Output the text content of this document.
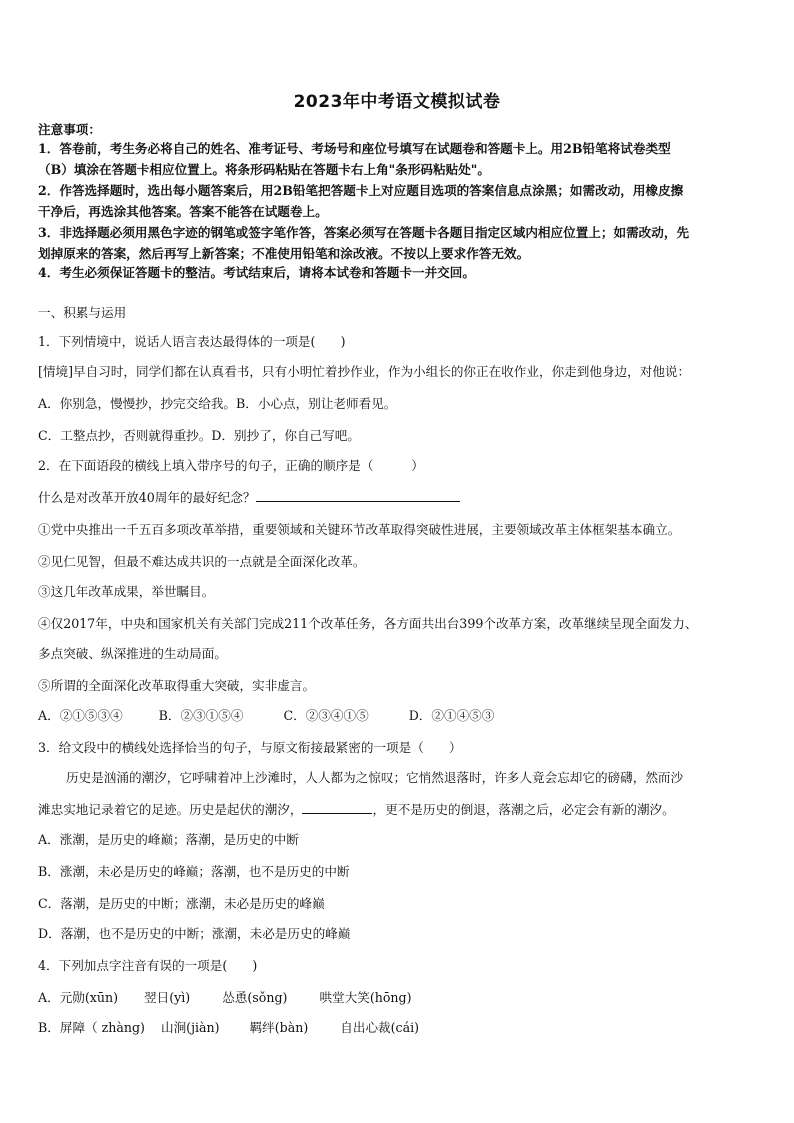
2023年中考语文模拟试卷
注意事项：
1．答卷前，考生务必将自己的姓名、准考证号、考场号和座位号填写在试题卷和答题卡上。用2B铅笔将试卷类型
（B）填涂在答题卡相应位置上。将条形码粘贴在答题卡右上角"条形码粘贴处"。
2．作答选择题时，选出每小题答案后，用2B铅笔把答题卡上对应题目选项的答案信息点涂黑；如需改动，用橡皮擦
干净后，再选涂其他答案。答案不能答在试题卷上。
3．非选择题必须用黑色字迹的钢笔或签字笔作答，答案必须写在答题卡各题目指定区域内相应位置上；如需改动，先
划掉原来的答案，然后再写上新答案；不准使用铅笔和涂改液。不按以上要求作答无效。
4．考生必须保证答题卡的整洁。考试结束后，请将本试卷和答题卡一并交回。
一、积累与运用
1．下列情境中，说话人语言表达最得体的一项是(　　)
[情境]早自习时，同学们都在认真看书，只有小明忙着抄作业，作为小组长的你正在收作业，你走到他身边，对他说：
A．你别急，慢慢抄，抄完交给我。B．小心点，别让老师看见。
C．工整点抄，否则就得重抄。D．别抄了，你自己写吧。
2．在下面语段的横线上填入带序号的句子，正确的顺序是（　　　）
什么是对改革开放40周年的最好纪念？
①党中央推出一千五百多项改革举措，重要领域和关键环节改革取得突破性进展，主要领域改革主体框架基本确立。
②见仁见智，但最不难达成共识的一点就是全面深化改革。
③这几年改革成果，举世瞩目。
④仅2017年，中央和国家机关有关部门完成211个改革任务，各方面共出台399个改革方案，改革继续呈现全面发力、
多点突破、纵深推进的生动局面。
⑤所谓的全面深化改革取得重大突破，实非虚言。
A．②①⑤③④	B．②③①⑤④	C．②③④①⑤	D．②①④⑤③
3．给文段中的横线处选择恰当的句子，与原文衔接最紧密的一项是（　　）
历史是汹涌的潮汐，它呼啸着冲上沙滩时，人人都为之惊叹；它悄然退落时，许多人竟会忘却它的磅礴，然而沙
滩忠实地记录着它的足迹。历史是起伏的潮汐，	，更不是历史的倒退，落潮之后，必定会有新的潮汐。
A．涨潮，是历史的峰巅；落潮，是历史的中断
B．涨潮，未必是历史的峰巅；落潮，也不是历史的中断
C．落潮，是历史的中断；涨潮，未必是历史的峰巅
D．落潮，也不是历史的中断；涨潮，未必是历史的峰巅
4．下列加点字注音有误的一项是(　　)
A．元勋(xūn) 翌日(yì)	怂恿(sǒng)	哄堂大笑(hōng)
B．屏障（ zhàng) 山涧(jiàn) 羁绊(bàn)	自出心裁(cái)
